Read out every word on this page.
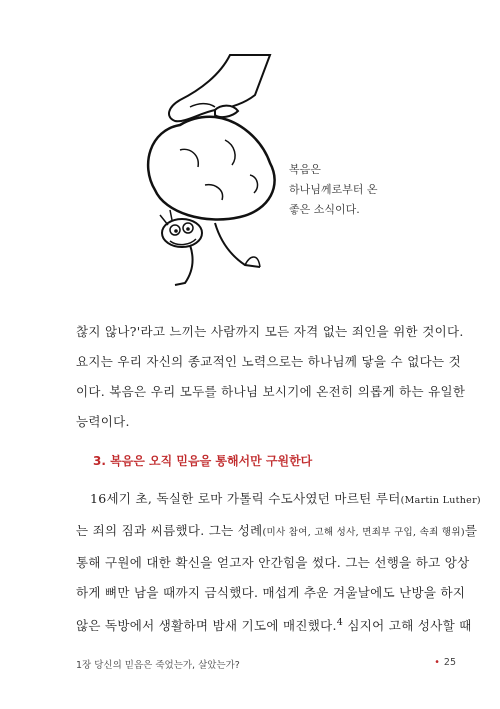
복음은
하나님께로부터 온
좋은 소식이다.
찮지 않나?'라고 느끼는 사람까지 모든 자격 없는 죄인을 위한 것이다.
요지는 우리 자신의 종교적인 노력으로는 하나님께 닿을 수 없다는 것
이다. 복음은 우리 모두를 하나님 보시기에 온전히 의롭게 하는 유일한
능력이다.
3. 복음은 오직 믿음을 통해서만 구원한다
16세기 초, 독실한 로마 가톨릭 수도사였던 마르틴 루터(Martin Luther)
는 죄의 짐과 씨름했다. 그는 성례(미사 참여, 고해 성사, 면죄부 구입, 속죄 행위)를
통해 구원에 대한 확신을 얻고자 안간힘을 썼다. 그는 선행을 하고 앙상
하게 뼈만 남을 때까지 금식했다. 매섭게 추운 겨울날에도 난방을 하지
않은 독방에서 생활하며 밤새 기도에 매진했다.$^4$ 심지어 고해 성사할 때
1장 당신의 믿음은 죽었는가, 살았는가?	• 25
